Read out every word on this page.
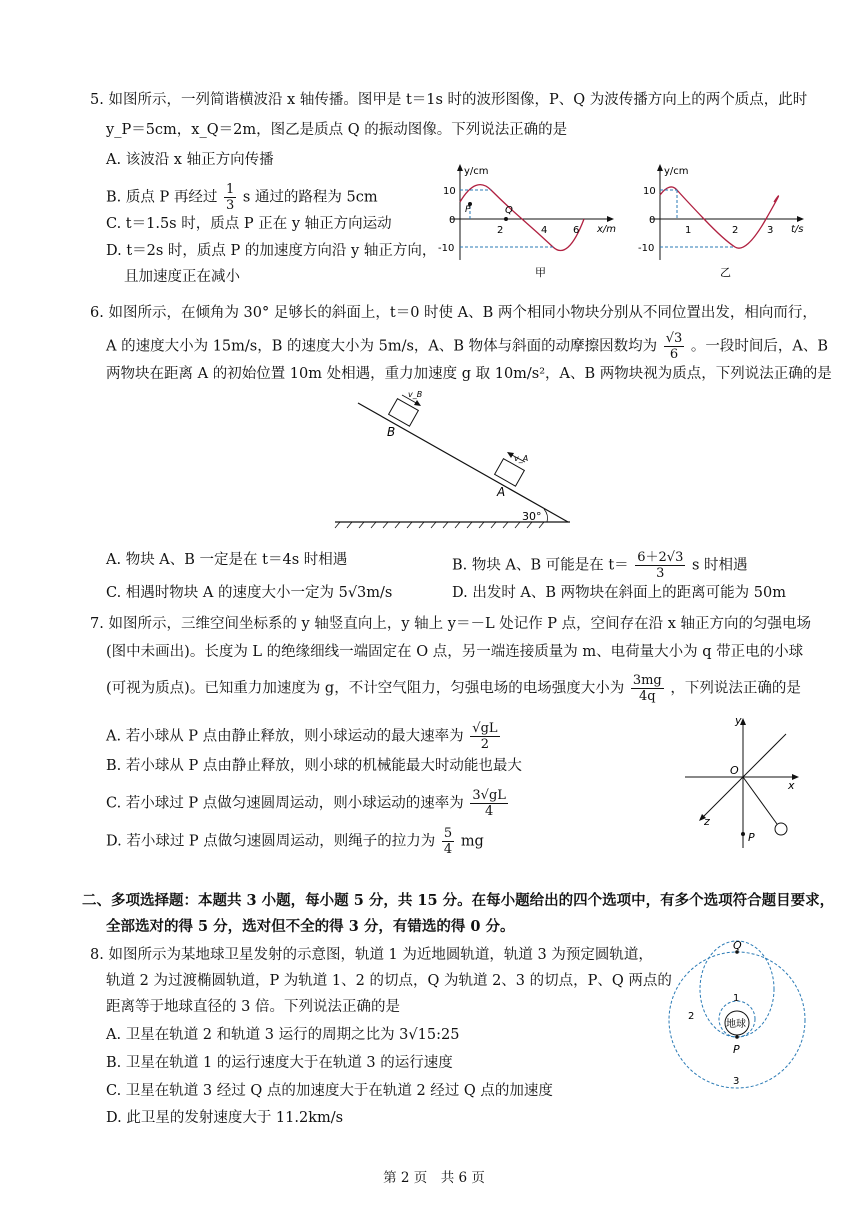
5. 如图所示，一列简谐横波沿 x 轴传播。图甲是 t＝1s 时的波形图像，P、Q 为波传播方向上的两个质点，此时
y_P＝5cm，x_Q＝2m，图乙是质点 Q 的振动图像。下列说法正确的是
A. 该波沿 x 轴正方向传播
B. 质点 P 再经过 $\frac{1}{3}$ s 通过的路程为 5cm
C. t＝1.5s 时，质点 P 正在 y 轴正方向运动
D. t＝2s 时，质点 P 的加速度方向沿 y 轴正方向，
且加速度正在减小
y/cm
10
-10
0
P	Q
2	4	6 x/m
甲
y/cm
10
-10
0
1	2	3 t/s
乙
6. 如图所示，在倾角为 30° 足够长的斜面上，t＝0 时使 A、B 两个相同小物块分别从不同位置出发，相向而行，
A 的速度大小为 15m/s，B 的速度大小为 5m/s，A、B 物体与斜面的动摩擦因数均为 $\frac{√3}{6}$ 。一段时间后，A、B
两物块在距离 A 的初始位置 10m 处相遇，重力加速度 g 取 10m/s²，A、B 两物块视为质点，下列说法正确的是
v_B
v_A
B
A
30°
A. 物块 A、B 一定是在 t＝4s 时相遇	B. 物块 A、B 可能是在 $t= \frac{6+2√3}{3}$ s 时相遇
C. 相遇时物块 A 的速度大小一定为 5√3m/s	D. 出发时 A、B 两物块在斜面上的距离可能为 50m
7. 如图所示，三维空间坐标系的 y 轴竖直向上，y 轴上 y＝－L 处记作 P 点，空间存在沿 x 轴正方向的匀强电场
(图中未画出)。长度为 L 的绝缘细线一端固定在 O 点，另一端连接质量为 m、电荷量大小为 q 带正电的小球
(可视为质点)。已知重力加速度为 g，不计空气阻力，匀强电场的电场强度大小为 $\frac{3mg}{4q}$ ，下列说法正确的是
A. 若小球从 P 点由静止释放，则小球运动的最大速率为 $\frac{√gL}{2}$
B. 若小球从 P 点由静止释放，则小球的机械能最大时动能也最大
C. 若小球过 P 点做匀速圆周运动，则小球运动的速率为 $\frac{3√gL}{4}$
D. 若小球过 P 点做匀速圆周运动，则绳子的拉力为 $\frac{5}{4}$ mg
y
x
z
O
P
二、多项选择题：本题共 3 小题，每小题 5 分，共 15 分。在每小题给出的四个选项中，有多个选项符合题目要求，
全部选对的得 5 分，选对但不全的得 3 分，有错选的得 0 分。
8. 如图所示为某地球卫星发射的示意图，轨道 1 为近地圆轨道，轨道 3 为预定圆轨道，
轨道 2 为过渡椭圆轨道，P 为轨道 1、2 的切点，Q 为轨道 2、3 的切点，P、Q 两点的
距离等于地球直径的 3 倍。下列说法正确的是
A. 卫星在轨道 2 和轨道 3 运行的周期之比为 3√15:25
B. 卫星在轨道 1 的运行速度大于在轨道 3 的运行速度
C. 卫星在轨道 3 经过 Q 点的加速度大于在轨道 2 经过 Q 点的加速度
D. 此卫星的发射速度大于 11.2km/s
Q
P
1
2
3
地球
第 2 页　共 6 页
